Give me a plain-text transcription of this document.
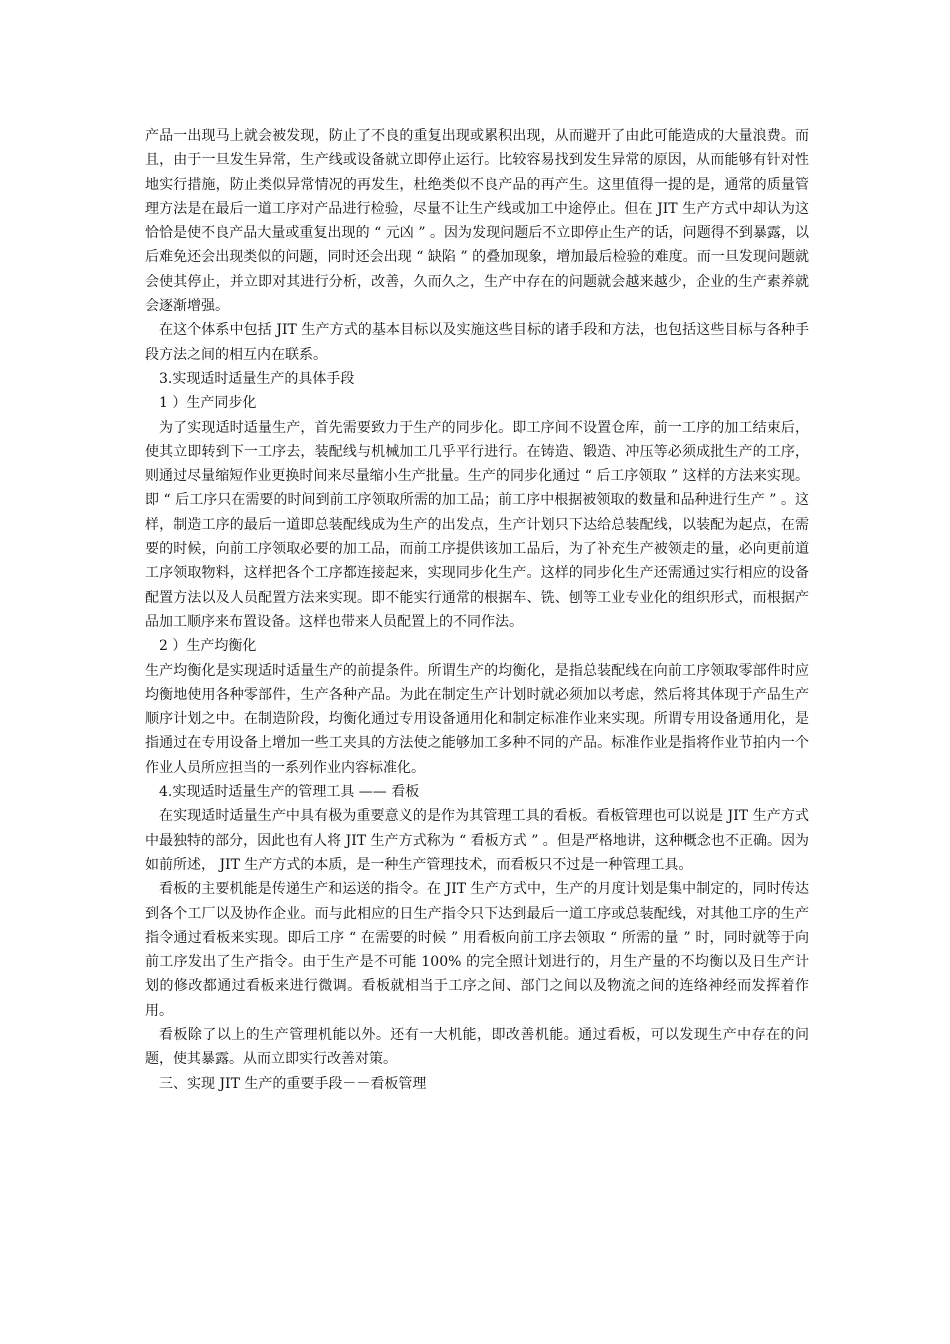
产品一出现马上就会被发现，防止了不良的重复出现或累积出现，从而避开了由此可能造成的大量浪费。而且，由于一旦发生异常，生产线或设备就立即停止运行。比较容易找到发生异常的原因，从而能够有针对性地实行措施，防止类似异常情况的再发生，杜绝类似不良产品的再产生。这里值得一提的是，通常的质量管理方法是在最后一道工序对产品进行检验，尽量不让生产线或加工中途停止。但在 JIT 生产方式中却认为这恰恰是使不良产品大量或重复出现的 “ 元凶 ” 。因为发现问题后不立即停止生产的话，问题得不到暴露，以后难免还会出现类似的问题，同时还会出现 “ 缺陷 ” 的叠加现象，增加最后检验的难度。而一旦发现问题就会使其停止，并立即对其进行分析，改善，久而久之，生产中存在的问题就会越来越少，企业的生产素养就会逐渐增强。

在这个体系中包括 JIT 生产方式的基本目标以及实施这些目标的诸手段和方法，也包括这些目标与各种手段方法之间的相互内在联系。

3.实现适时适量生产的具体手段

1 ）生产同步化

为了实现适时适量生产，首先需要致力于生产的同步化。即工序间不设置仓库，前一工序的加工结束后，使其立即转到下一工序去，装配线与机械加工几乎平行进行。在铸造、锻造、冲压等必须成批生产的工序，则通过尽量缩短作业更换时间来尽量缩小生产批量。生产的同步化通过 “ 后工序领取 ” 这样的方法来实现。即 “ 后工序只在需要的时间到前工序领取所需的加工品；前工序中根据被领取的数量和品种进行生产 ” 。这样，制造工序的最后一道即总装配线成为生产的出发点，生产计划只下达给总装配线，以装配为起点，在需要的时候，向前工序领取必要的加工品，而前工序提供该加工品后，为了补充生产被领走的量，必向更前道工序领取物料，这样把各个工序都连接起来，实现同步化生产。这样的同步化生产还需通过实行相应的设备配置方法以及人员配置方法来实现。即不能实行通常的根据车、铣、刨等工业专业化的组织形式，而根据产品加工顺序来布置设备。这样也带来人员配置上的不同作法。

2 ）生产均衡化

生产均衡化是实现适时适量生产的前提条件。所谓生产的均衡化，是指总装配线在向前工序领取零部件时应均衡地使用各种零部件，生产各种产品。为此在制定生产计划时就必须加以考虑，然后将其体现于产品生产顺序计划之中。在制造阶段，均衡化通过专用设备通用化和制定标准作业来实现。所谓专用设备通用化，是指通过在专用设备上增加一些工夹具的方法使之能够加工多种不同的产品。标准作业是指将作业节拍内一个作业人员所应担当的一系列作业内容标准化。

4.实现适时适量生产的管理工具 —— 看板

在实现适时适量生产中具有极为重要意义的是作为其管理工具的看板。看板管理也可以说是 JIT 生产方式中最独特的部分，因此也有人将 JIT 生产方式称为 “ 看板方式 ” 。但是严格地讲，这种概念也不正确。因为如前所述， JIT 生产方式的本质，是一种生产管理技术，而看板只不过是一种管理工具。

看板的主要机能是传递生产和运送的指令。在 JIT 生产方式中，生产的月度计划是集中制定的，同时传达到各个工厂以及协作企业。而与此相应的日生产指令只下达到最后一道工序或总装配线，对其他工序的生产指令通过看板来实现。即后工序 “ 在需要的时候 ” 用看板向前工序去领取 “ 所需的量 ” 时，同时就等于向前工序发出了生产指令。由于生产是不可能 100% 的完全照计划进行的，月生产量的不均衡以及日生产计划的修改都通过看板来进行微调。看板就相当于工序之间、部门之间以及物流之间的连络神经而发挥着作用。

看板除了以上的生产管理机能以外。还有一大机能，即改善机能。通过看板，可以发现生产中存在的问题，使其暴露。从而立即实行改善对策。

三、实现 JIT 生产的重要手段－－看板管理
